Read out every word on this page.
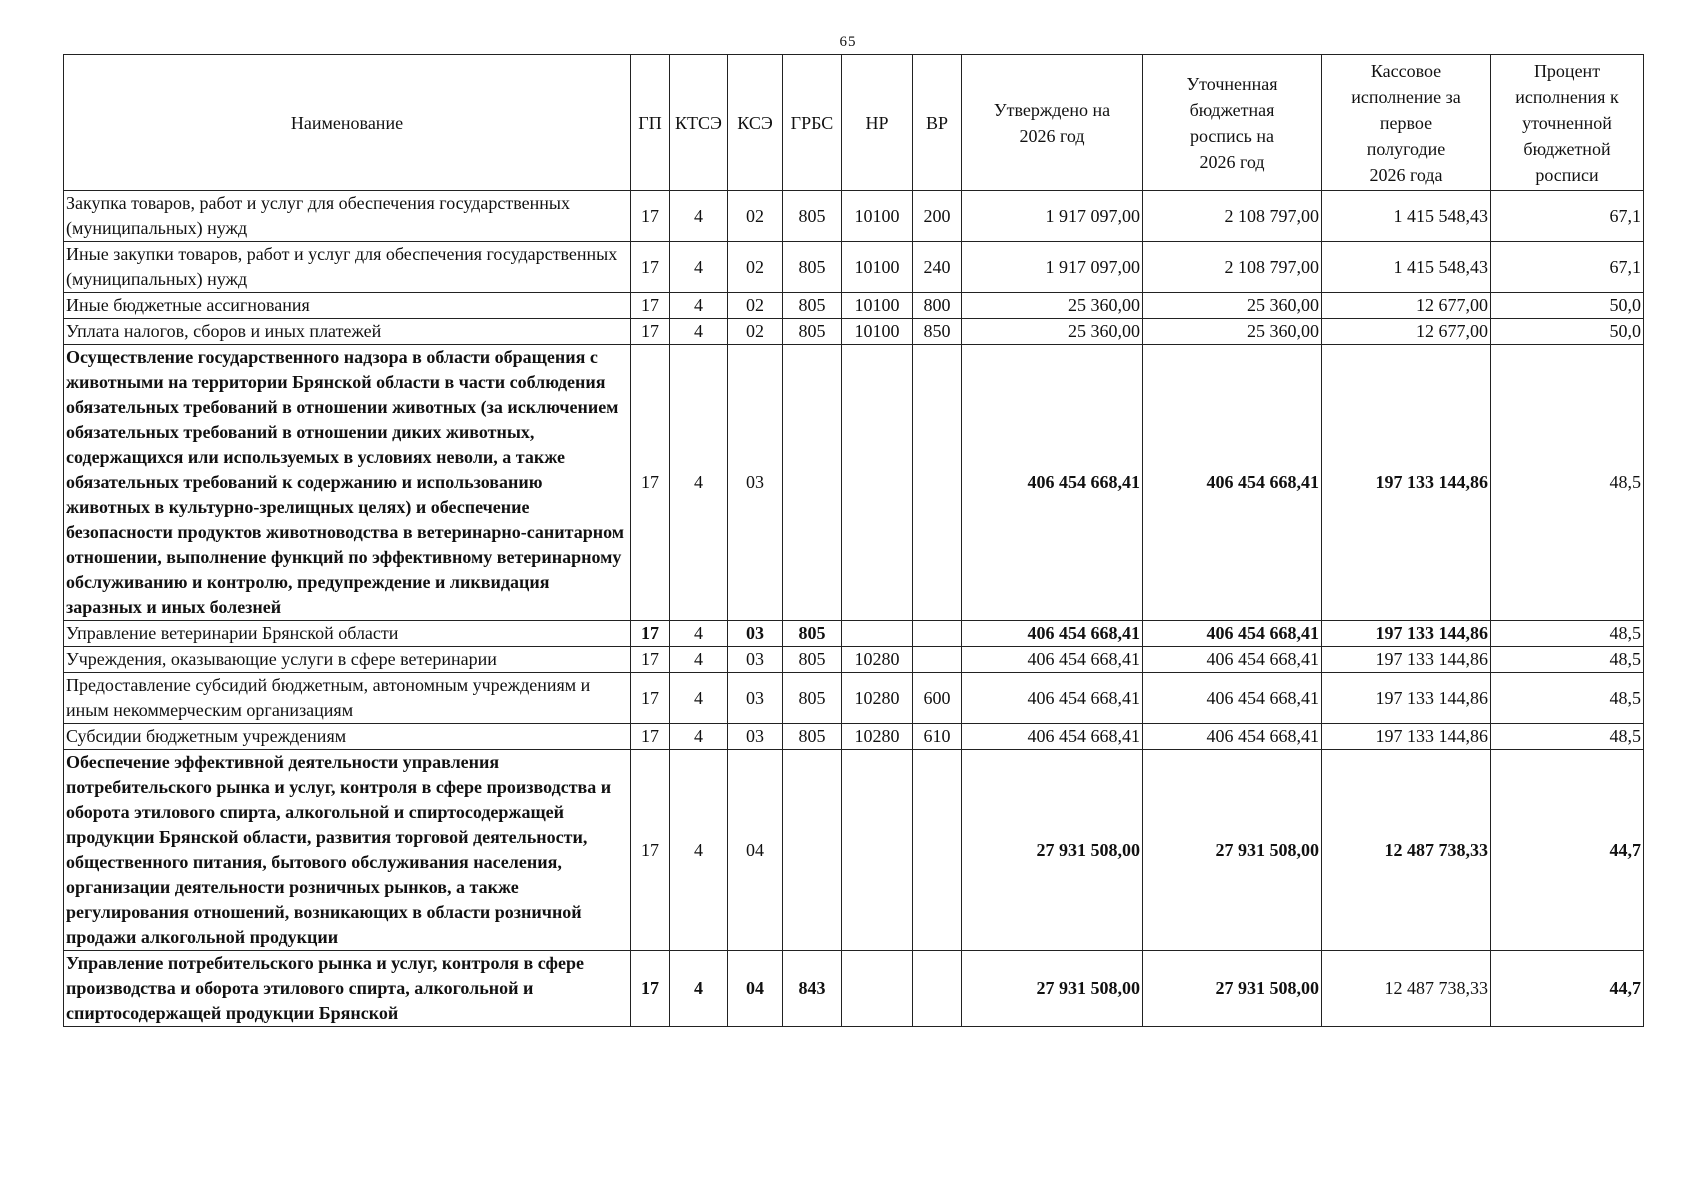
65
Наименование	ГП	КТСЭ	КСЭ	ГРБС	НР	ВР	Утверждено на 2026 год	Уточненная бюджетная роспись на 2026 год	Кассовое исполнение за первое полугодие 2026 года	Процент исполнения к уточненной бюджетной росписи
Закупка товаров, работ и услуг для обеспечения государственных (муниципальных) нужд	17	4	02	805	10100	200	1 917 097,00	2 108 797,00	1 415 548,43	67,1
Иные закупки товаров, работ и услуг для обеспечения государственных (муниципальных) нужд	17	4	02	805	10100	240	1 917 097,00	2 108 797,00	1 415 548,43	67,1
Иные бюджетные ассигнования	17	4	02	805	10100	800	25 360,00	25 360,00	12 677,00	50,0
Уплата налогов, сборов и иных платежей	17	4	02	805	10100	850	25 360,00	25 360,00	12 677,00	50,0
Осуществление государственного надзора в области обращения с животными на территории Брянской области в части соблюдения обязательных требований в отношении животных (за исключением обязательных требований в отношении диких животных, содержащихся или используемых в условиях неволи, а также обязательных требований к содержанию и использованию животных в культурно-зрелищных целях) и обеспечение безопасности продуктов животноводства в ветеринарно-санитарном отношении, выполнение функций по эффективному ветеринарному обслуживанию и контролю, предупреждение и ликвидация заразных и иных болезней	17	4	03				406 454 668,41	406 454 668,41	197 133 144,86	48,5
Управление ветеринарии Брянской области	17	4	03	805			406 454 668,41	406 454 668,41	197 133 144,86	48,5
Учреждения, оказывающие услуги в сфере ветеринарии	17	4	03	805	10280		406 454 668,41	406 454 668,41	197 133 144,86	48,5
Предоставление субсидий бюджетным, автономным учреждениям и иным некоммерческим организациям	17	4	03	805	10280	600	406 454 668,41	406 454 668,41	197 133 144,86	48,5
Субсидии бюджетным учреждениям	17	4	03	805	10280	610	406 454 668,41	406 454 668,41	197 133 144,86	48,5
Обеспечение эффективной деятельности управления потребительского рынка и услуг, контроля в сфере производства и оборота этилового спирта, алкогольной и спиртосодержащей продукции Брянской области, развития торговой деятельности, общественного питания, бытового обслуживания населения, организации деятельности розничных рынков, а также регулирования отношений, возникающих в области розничной продажи алкогольной продукции	17	4	04				27 931 508,00	27 931 508,00	12 487 738,33	44,7
Управление потребительского рынка и услуг, контроля в сфере производства и оборота этилового спирта, алкогольной и спиртосодержащей продукции Брянской	17	4	04	843			27 931 508,00	27 931 508,00	12 487 738,33	44,7
